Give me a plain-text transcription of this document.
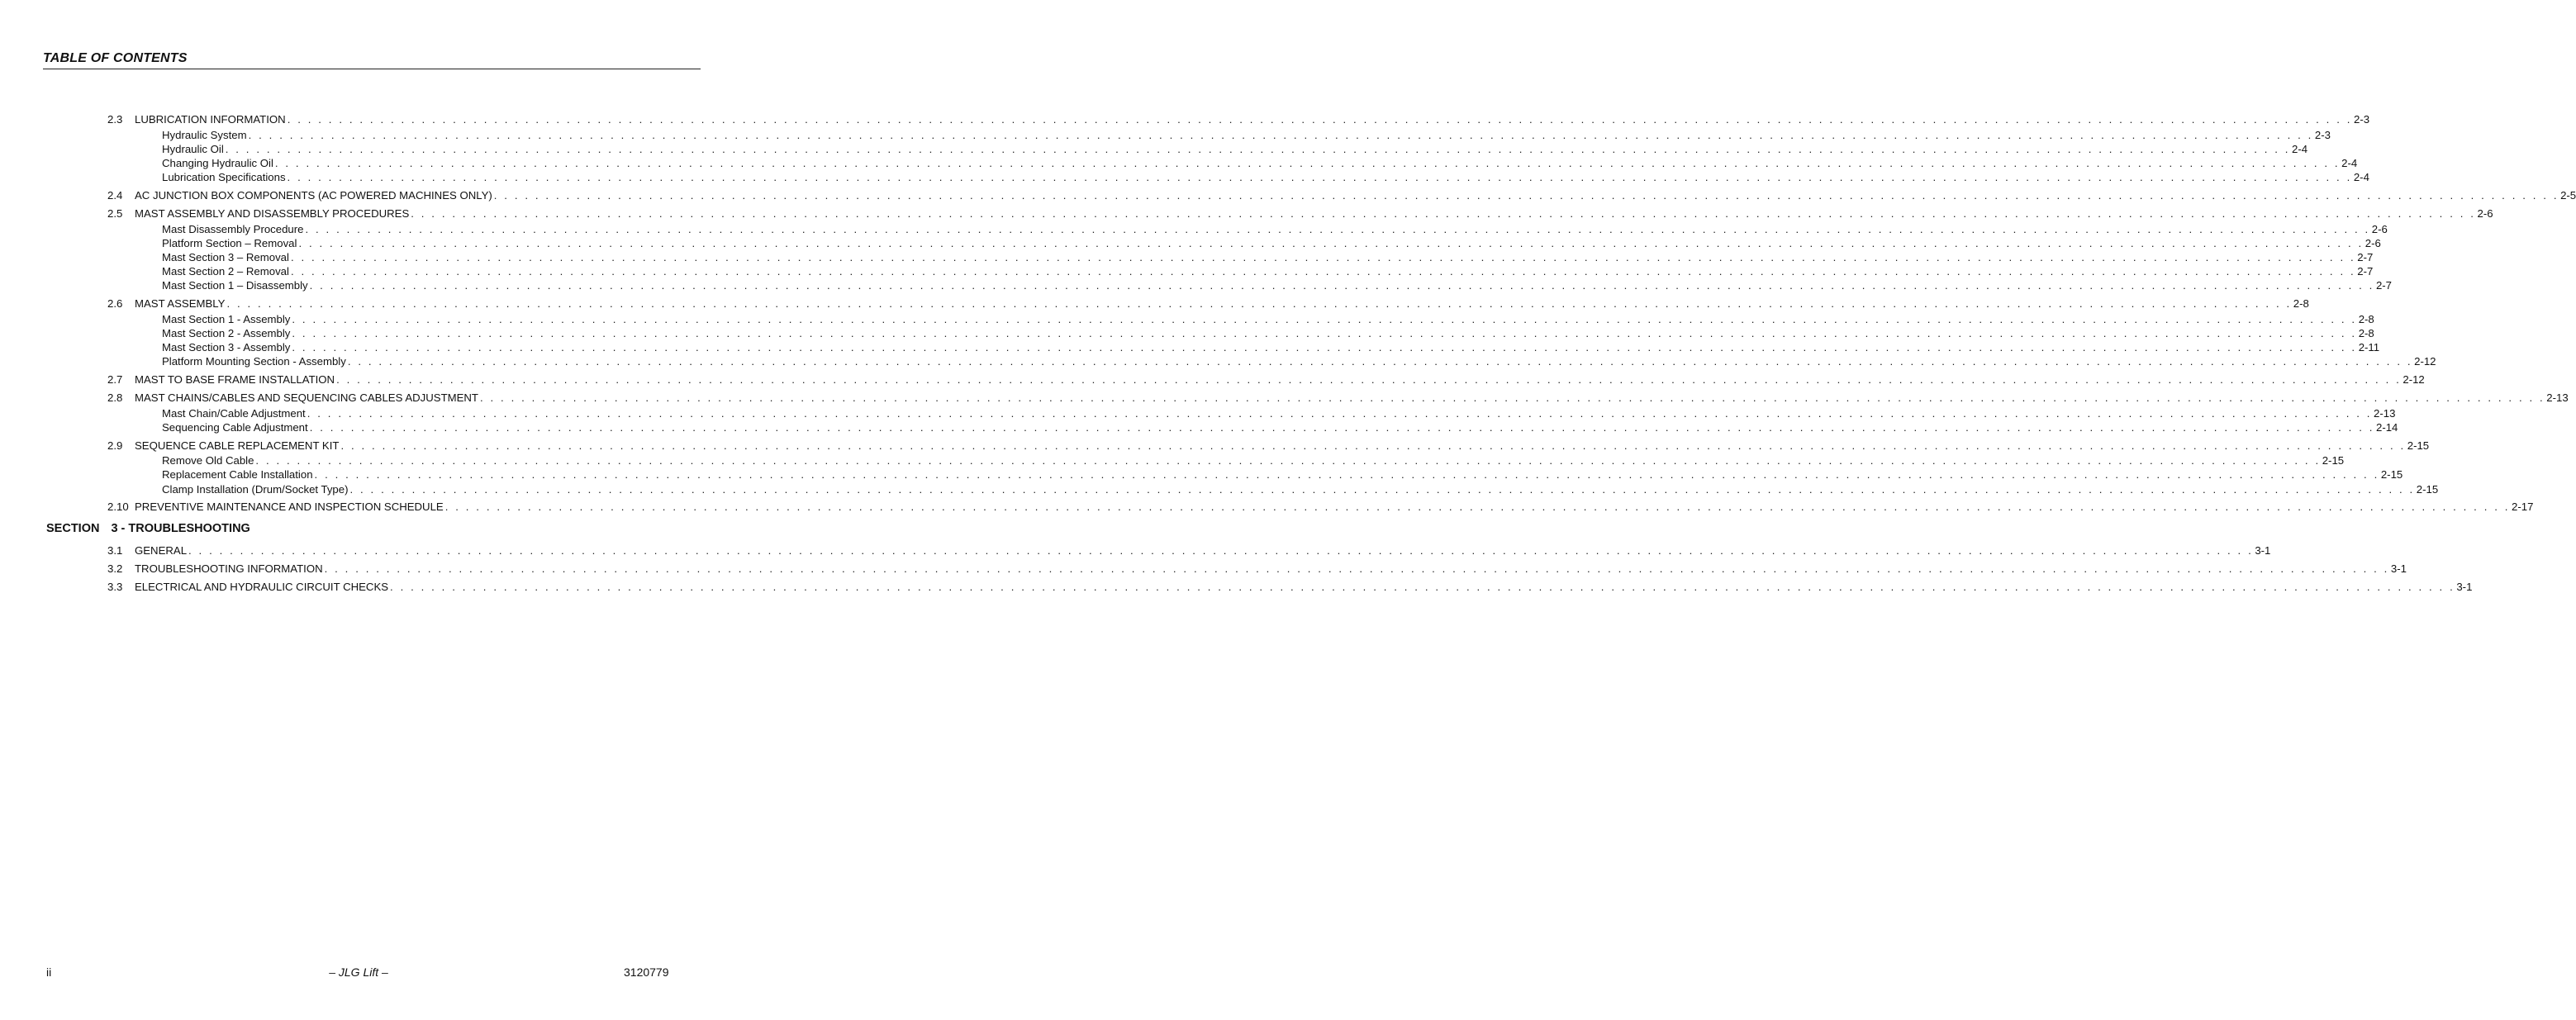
TABLE OF CONTENTS
2.3 LUBRICATION INFORMATION . . . . . . . . . . . . . . . . . . . . . . . . . . . . . . . . . . . . . . . . . . . . . . . . . . . . . . . . . . . . . . . . . . . . . . . . . . . . . . . . . . . . . . . . . . . . . . . . . . . . . . . . . . . . . . . . . . . . . . . . . . . . . . . . . . . . . . . . . . . . . . . . . . . . . . . . . . . . . . . . . . . . . . . . . . . . . . . . . . . . . . . . . . . . . . . . . . . . . . . . 2-3
Hydraulic System . . . . . . . . . . . . . . . . . . . . . . . . . . . . . . . . . . . . . . . . . . . . . . . . . . . . . . . . . . . . . . . . . . . . . . . . . . . . . . . . . . . . . . . . . . . . . . . . . . . . . . . . . . . . . . . . . . . . . . . . . . . . . . . . . . . . . . . . . . . . . . . . . . . . . . . . . . . . . . . . . . . . . . . . . . . . . . . . . . . . . . . . . . . . . . . . . . . . . . . . 2-3
Hydraulic Oil . . . . . . . . . . . . . . . . . . . . . . . . . . . . . . . . . . . . . . . . . . . . . . . . . . . . . . . . . . . . . . . . . . . . . . . . . . . . . . . . . . . . . . . . . . . . . . . . . . . . . . . . . . . . . . . . . . . . . . . . . . . . . . . . . . . . . . . . . . . . . . . . . . . . . . . . . . . . . . . . . . . . . . . . . . . . . . . . . . . . . . . . . . . . . . . . . . . . . . . . 2-4
Changing Hydraulic Oil . . . . . . . . . . . . . . . . . . . . . . . . . . . . . . . . . . . . . . . . . . . . . . . . . . . . . . . . . . . . . . . . . . . . . . . . . . . . . . . . . . . . . . . . . . . . . . . . . . . . . . . . . . . . . . . . . . . . . . . . . . . . . . . . . . . . . . . . . . . . . . . . . . . . . . . . . . . . . . . . . . . . . . . . . . . . . . . . . . . . . . . . . . . . . . . . . . . . . . . . 2-4
Lubrication Specifications . . . . . . . . . . . . . . . . . . . . . . . . . . . . . . . . . . . . . . . . . . . . . . . . . . . . . . . . . . . . . . . . . . . . . . . . . . . . . . . . . . . . . . . . . . . . . . . . . . . . . . . . . . . . . . . . . . . . . . . . . . . . . . . . . . . . . . . . . . . . . . . . . . . . . . . . . . . . . . . . . . . . . . . . . . . . . . . . . . . . . . . . . . . . . . . . . . . . . . . . 2-4
2.4 AC JUNCTION BOX COMPONENTS (AC POWERED MACHINES ONLY) . . . . . . . . . . . . . . . . . . . . . . . . . . . . . . . . . . . . . . . . . . . . . . . . . . . . . . . . . . . . . . . . . . . . . . . . . . . . . . . . . . . . . . . . . . . . . . . . . . . . . . . . . . . . . . . . . . . . . . . . . . . . . . . . . . . . . . . . . . . . . . . . . . . . . . . . . . . . . . . . . . . . . . . . . . . . . . . . . . . . . . . . . . . . . . . . . . . . . . . . 2-5
2.5 MAST ASSEMBLY AND DISASSEMBLY PROCEDURES . . . . . . . . . . . . . . . . . . . . . . . . . . . . . . . . . . . . . . . . . . . . . . . . . . . . . . . . . . . . . . . . . . . . . . . . . . . . . . . . . . . . . . . . . . . . . . . . . . . . . . . . . . . . . . . . . . . . . . . . . . . . . . . . . . . . . . . . . . . . . . . . . . . . . . . . . . . . . . . . . . . . . . . . . . . . . . . . . . . . . . . . . . . . . . . . . . . . . . . . 2-6
Mast Disassembly Procedure . . . . . . . . . . . . . . . . . . . . . . . . . . . . . . . . . . . . . . . . . . . . . . . . . . . . . . . . . . . . . . . . . . . . . . . . . . . . . . . . . . . . . . . . . . . . . . . . . . . . . . . . . . . . . . . . . . . . . . . . . . . . . . . . . . . . . . . . . . . . . . . . . . . . . . . . . . . . . . . . . . . . . . . . . . . . . . . . . . . . . . . . . . . . . . . . . . . . . . . . 2-6
Platform Section – Removal . . . . . . . . . . . . . . . . . . . . . . . . . . . . . . . . . . . . . . . . . . . . . . . . . . . . . . . . . . . . . . . . . . . . . . . . . . . . . . . . . . . . . . . . . . . . . . . . . . . . . . . . . . . . . . . . . . . . . . . . . . . . . . . . . . . . . . . . . . . . . . . . . . . . . . . . . . . . . . . . . . . . . . . . . . . . . . . . . . . . . . . . . . . . . . . . . . . . . . . . 2-6
Mast Section 3 – Removal . . . . . . . . . . . . . . . . . . . . . . . . . . . . . . . . . . . . . . . . . . . . . . . . . . . . . . . . . . . . . . . . . . . . . . . . . . . . . . . . . . . . . . . . . . . . . . . . . . . . . . . . . . . . . . . . . . . . . . . . . . . . . . . . . . . . . . . . . . . . . . . . . . . . . . . . . . . . . . . . . . . . . . . . . . . . . . . . . . . . . . . . . . . . . . . . . . . . . . . . 2-7
Mast Section 2 – Removal . . . . . . . . . . . . . . . . . . . . . . . . . . . . . . . . . . . . . . . . . . . . . . . . . . . . . . . . . . . . . . . . . . . . . . . . . . . . . . . . . . . . . . . . . . . . . . . . . . . . . . . . . . . . . . . . . . . . . . . . . . . . . . . . . . . . . . . . . . . . . . . . . . . . . . . . . . . . . . . . . . . . . . . . . . . . . . . . . . . . . . . . . . . . . . . . . . . . . . . . 2-7
Mast Section 1 – Disassembly . . . . . . . . . . . . . . . . . . . . . . . . . . . . . . . . . . . . . . . . . . . . . . . . . . . . . . . . . . . . . . . . . . . . . . . . . . . . . . . . . . . . . . . . . . . . . . . . . . . . . . . . . . . . . . . . . . . . . . . . . . . . . . . . . . . . . . . . . . . . . . . . . . . . . . . . . . . . . . . . . . . . . . . . . . . . . . . . . . . . . . . . . . . . . . . . . . . . . . . . 2-7
2.6 MAST ASSEMBLY . . . . . . . . . . . . . . . . . . . . . . . . . . . . . . . . . . . . . . . . . . . . . . . . . . . . . . . . . . . . . . . . . . . . . . . . . . . . . . . . . . . . . . . . . . . . . . . . . . . . . . . . . . . . . . . . . . . . . . . . . . . . . . . . . . . . . . . . . . . . . . . . . . . . . . . . . . . . . . . . . . . . . . . . . . . . . . . . . . . . . . . . . . . . . . . . . . . . . . . . 2-8
Mast Section 1 - Assembly . . . . . . . . . . . . . . . . . . . . . . . . . . . . . . . . . . . . . . . . . . . . . . . . . . . . . . . . . . . . . . . . . . . . . . . . . . . . . . . . . . . . . . . . . . . . . . . . . . . . . . . . . . . . . . . . . . . . . . . . . . . . . . . . . . . . . . . . . . . . . . . . . . . . . . . . . . . . . . . . . . . . . . . . . . . . . . . . . . . . . . . . . . . . . . . . . . . . . . . . 2-8
Mast Section 2 - Assembly . . . . . . . . . . . . . . . . . . . . . . . . . . . . . . . . . . . . . . . . . . . . . . . . . . . . . . . . . . . . . . . . . . . . . . . . . . . . . . . . . . . . . . . . . . . . . . . . . . . . . . . . . . . . . . . . . . . . . . . . . . . . . . . . . . . . . . . . . . . . . . . . . . . . . . . . . . . . . . . . . . . . . . . . . . . . . . . . . . . . . . . . . . . . . . . . . . . . . . . . 2-8
Mast Section 3 - Assembly . . . . . . . . . . . . . . . . . . . . . . . . . . . . . . . . . . . . . . . . . . . . . . . . . . . . . . . . . . . . . . . . . . . . . . . . . . . . . . . . . . . . . . . . . . . . . . . . . . . . . . . . . . . . . . . . . . . . . . . . . . . . . . . . . . . . . . . . . . . . . . . . . . . . . . . . . . . . . . . . . . . . . . . . . . . . . . . . . . . . . . . . . . . . . . . . . . . . . . . . 2-11
Platform Mounting Section - Assembly . . . . . . . . . . . . . . . . . . . . . . . . . . . . . . . . . . . . . . . . . . . . . . . . . . . . . . . . . . . . . . . . . . . . . . . . . . . . . . . . . . . . . . . . . . . . . . . . . . . . . . . . . . . . . . . . . . . . . . . . . . . . . . . . . . . . . . . . . . . . . . . . . . . . . . . . . . . . . . . . . . . . . . . . . . . . . . . . . . . . . . . . . . . . . . . . . . . . . . . . 2-12
2.7 MAST TO BASE FRAME INSTALLATION . . . . . . . . . . . . . . . . . . . . . . . . . . . . . . . . . . . . . . . . . . . . . . . . . . . . . . . . . . . . . . . . . . . . . . . . . . . . . . . . . . . . . . . . . . . . . . . . . . . . . . . . . . . . . . . . . . . . . . . . . . . . . . . . . . . . . . . . . . . . . . . . . . . . . . . . . . . . . . . . . . . . . . . . . . . . . . . . . . . . . . . . . . . . . . . . . . . . . . . . 2-12
2.8 MAST CHAINS/CABLES AND SEQUENCING CABLES ADJUSTMENT . . . . . . . . . . . . . . . . . . . . . . . . . . . . . . . . . . . . . . . . . . . . . . . . . . . . . . . . . . . . . . . . . . . . . . . . . . . . . . . . . . . . . . . . . . . . . . . . . . . . . . . . . . . . . . . . . . . . . . . . . . . . . . . . . . . . . . . . . . . . . . . . . . . . . . . . . . . . . . . . . . . . . . . . . . . . . . . . . . . . . . . . . . . . . . . . . . . . . . . . 2-13
Mast Chain/Cable Adjustment . . . . . . . . . . . . . . . . . . . . . . . . . . . . . . . . . . . . . . . . . . . . . . . . . . . . . . . . . . . . . . . . . . . . . . . . . . . . . . . . . . . . . . . . . . . . . . . . . . . . . . . . . . . . . . . . . . . . . . . . . . . . . . . . . . . . . . . . . . . . . . . . . . . . . . . . . . . . . . . . . . . . . . . . . . . . . . . . . . . . . . . . . . . . . . . . . . . . . . . . 2-13
Sequencing Cable Adjustment . . . . . . . . . . . . . . . . . . . . . . . . . . . . . . . . . . . . . . . . . . . . . . . . . . . . . . . . . . . . . . . . . . . . . . . . . . . . . . . . . . . . . . . . . . . . . . . . . . . . . . . . . . . . . . . . . . . . . . . . . . . . . . . . . . . . . . . . . . . . . . . . . . . . . . . . . . . . . . . . . . . . . . . . . . . . . . . . . . . . . . . . . . . . . . . . . . . . . . . . 2-14
2.9 SEQUENCE CABLE REPLACEMENT KIT . . . . . . . . . . . . . . . . . . . . . . . . . . . . . . . . . . . . . . . . . . . . . . . . . . . . . . . . . . . . . . . . . . . . . . . . . . . . . . . . . . . . . . . . . . . . . . . . . . . . . . . . . . . . . . . . . . . . . . . . . . . . . . . . . . . . . . . . . . . . . . . . . . . . . . . . . . . . . . . . . . . . . . . . . . . . . . . . . . . . . . . . . . . . . . . . . . . . . . . . 2-15
Remove Old Cable . . . . . . . . . . . . . . . . . . . . . . . . . . . . . . . . . . . . . . . . . . . . . . . . . . . . . . . . . . . . . . . . . . . . . . . . . . . . . . . . . . . . . . . . . . . . . . . . . . . . . . . . . . . . . . . . . . . . . . . . . . . . . . . . . . . . . . . . . . . . . . . . . . . . . . . . . . . . . . . . . . . . . . . . . . . . . . . . . . . . . . . . . . . . . . . . . . . . . . . . 2-15
Replacement Cable Installation . . . . . . . . . . . . . . . . . . . . . . . . . . . . . . . . . . . . . . . . . . . . . . . . . . . . . . . . . . . . . . . . . . . . . . . . . . . . . . . . . . . . . . . . . . . . . . . . . . . . . . . . . . . . . . . . . . . . . . . . . . . . . . . . . . . . . . . . . . . . . . . . . . . . . . . . . . . . . . . . . . . . . . . . . . . . . . . . . . . . . . . . . . . . . . . . . . . . . . . . 2-15
Clamp Installation (Drum/Socket Type) . . . . . . . . . . . . . . . . . . . . . . . . . . . . . . . . . . . . . . . . . . . . . . . . . . . . . . . . . . . . . . . . . . . . . . . . . . . . . . . . . . . . . . . . . . . . . . . . . . . . . . . . . . . . . . . . . . . . . . . . . . . . . . . . . . . . . . . . . . . . . . . . . . . . . . . . . . . . . . . . . . . . . . . . . . . . . . . . . . . . . . . . . . . . . . . . . . . . . . . . 2-15
2.10 PREVENTIVE MAINTENANCE AND INSPECTION SCHEDULE . . . . . . . . . . . . . . . . . . . . . . . . . . . . . . . . . . . . . . . . . . . . . . . . . . . . . . . . . . . . . . . . . . . . . . . . . . . . . . . . . . . . . . . . . . . . . . . . . . . . . . . . . . . . . . . . . . . . . . . . . . . . . . . . . . . . . . . . . . . . . . . . . . . . . . . . . . . . . . . . . . . . . . . . . . . . . . . . . . . . . . . . . . . . . . . . . . . . . . . . 2-17
3.1 GENERAL . . . . . . . . . . . . . . . . . . . . . . . . . . . . . . . . . . . . . . . . . . . . . . . . . . . . . . . . . . . . . . . . . . . . . . . . . . . . . . . . . . . . . . . . . . . . . . . . . . . . . . . . . . . . . . . . . . . . . . . . . . . . . . . . . . . . . . . . . . . . . . . . . . . . . . . . . . . . . . . . . . . . . . . . . . . . . . . . . . . . . . . . . . . . . . . . . . . . . . . . 3-1
3.2 TROUBLESHOOTING INFORMATION . . . . . . . . . . . . . . . . . . . . . . . . . . . . . . . . . . . . . . . . . . . . . . . . . . . . . . . . . . . . . . . . . . . . . . . . . . . . . . . . . . . . . . . . . . . . . . . . . . . . . . . . . . . . . . . . . . . . . . . . . . . . . . . . . . . . . . . . . . . . . . . . . . . . . . . . . . . . . . . . . . . . . . . . . . . . . . . . . . . . . . . . . . . . . . . . . . . . . . . . 3-1
3.3 ELECTRICAL AND HYDRAULIC CIRCUIT CHECKS . . . . . . . . . . . . . . . . . . . . . . . . . . . . . . . . . . . . . . . . . . . . . . . . . . . . . . . . . . . . . . . . . . . . . . . . . . . . . . . . . . . . . . . . . . . . . . . . . . . . . . . . . . . . . . . . . . . . . . . . . . . . . . . . . . . . . . . . . . . . . . . . . . . . . . . . . . . . . . . . . . . . . . . . . . . . . . . . . . . . . . . . . . . . . . . . . . . . . . . . 3-1
SECTION 3 - TROUBLESHOOTING
ii	– JLG Lift –	3120779
